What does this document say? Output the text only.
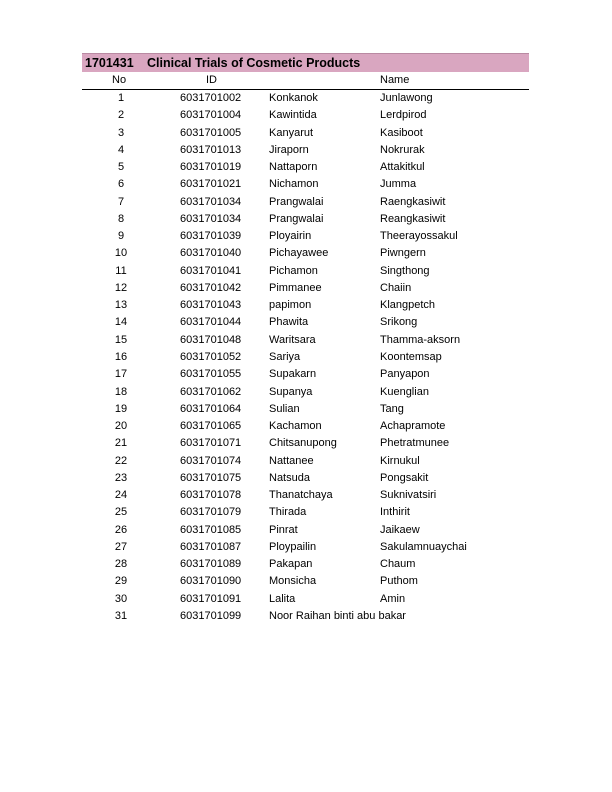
1701431	Clinical Trials of Cosmetic Products
No	ID	Name
1	6031701002	Konkanok	Junlawong
2	6031701004	Kawintida	Lerdpirod
3	6031701005	Kanyarut	Kasiboot
4	6031701013	Jiraporn	Nokrurak
5	6031701019	Nattaporn	Attakitkul
6	6031701021	Nichamon	Jumma
7	6031701034	Prangwalai	Raengkasiwit
8	6031701034	Prangwalai	Reangkasiwit
9	6031701039	Ployairin	Theerayossakul
10	6031701040	Pichayawee	Piwngern
11	6031701041	Pichamon	Singthong
12	6031701042	Pimmanee	Chaiin
13	6031701043	papimon	Klangpetch
14	6031701044	Phawita	Srikong
15	6031701048	Waritsara	Thamma-aksorn
16	6031701052	Sariya	Koontemsap
17	6031701055	Supakarn	Panyapon
18	6031701062	Supanya	Kuenglian
19	6031701064	Sulian	Tang
20	6031701065	Kachamon	Achapramote
21	6031701071	Chitsanupong	Phetratmunee
22	6031701074	Nattanee	Kirnukul
23	6031701075	Natsuda	Pongsakit
24	6031701078	Thanatchaya	Suknivatsiri
25	6031701079	Thirada	Inthirit
26	6031701085	Pinrat	Jaikaew
27	6031701087	Ploypailin	Sakulamnuaychai
28	6031701089	Pakapan	Chaum
29	6031701090	Monsicha	Puthom
30	6031701091	Lalita	Amin
31	6031701099	Noor Raihan binti abu bakar
